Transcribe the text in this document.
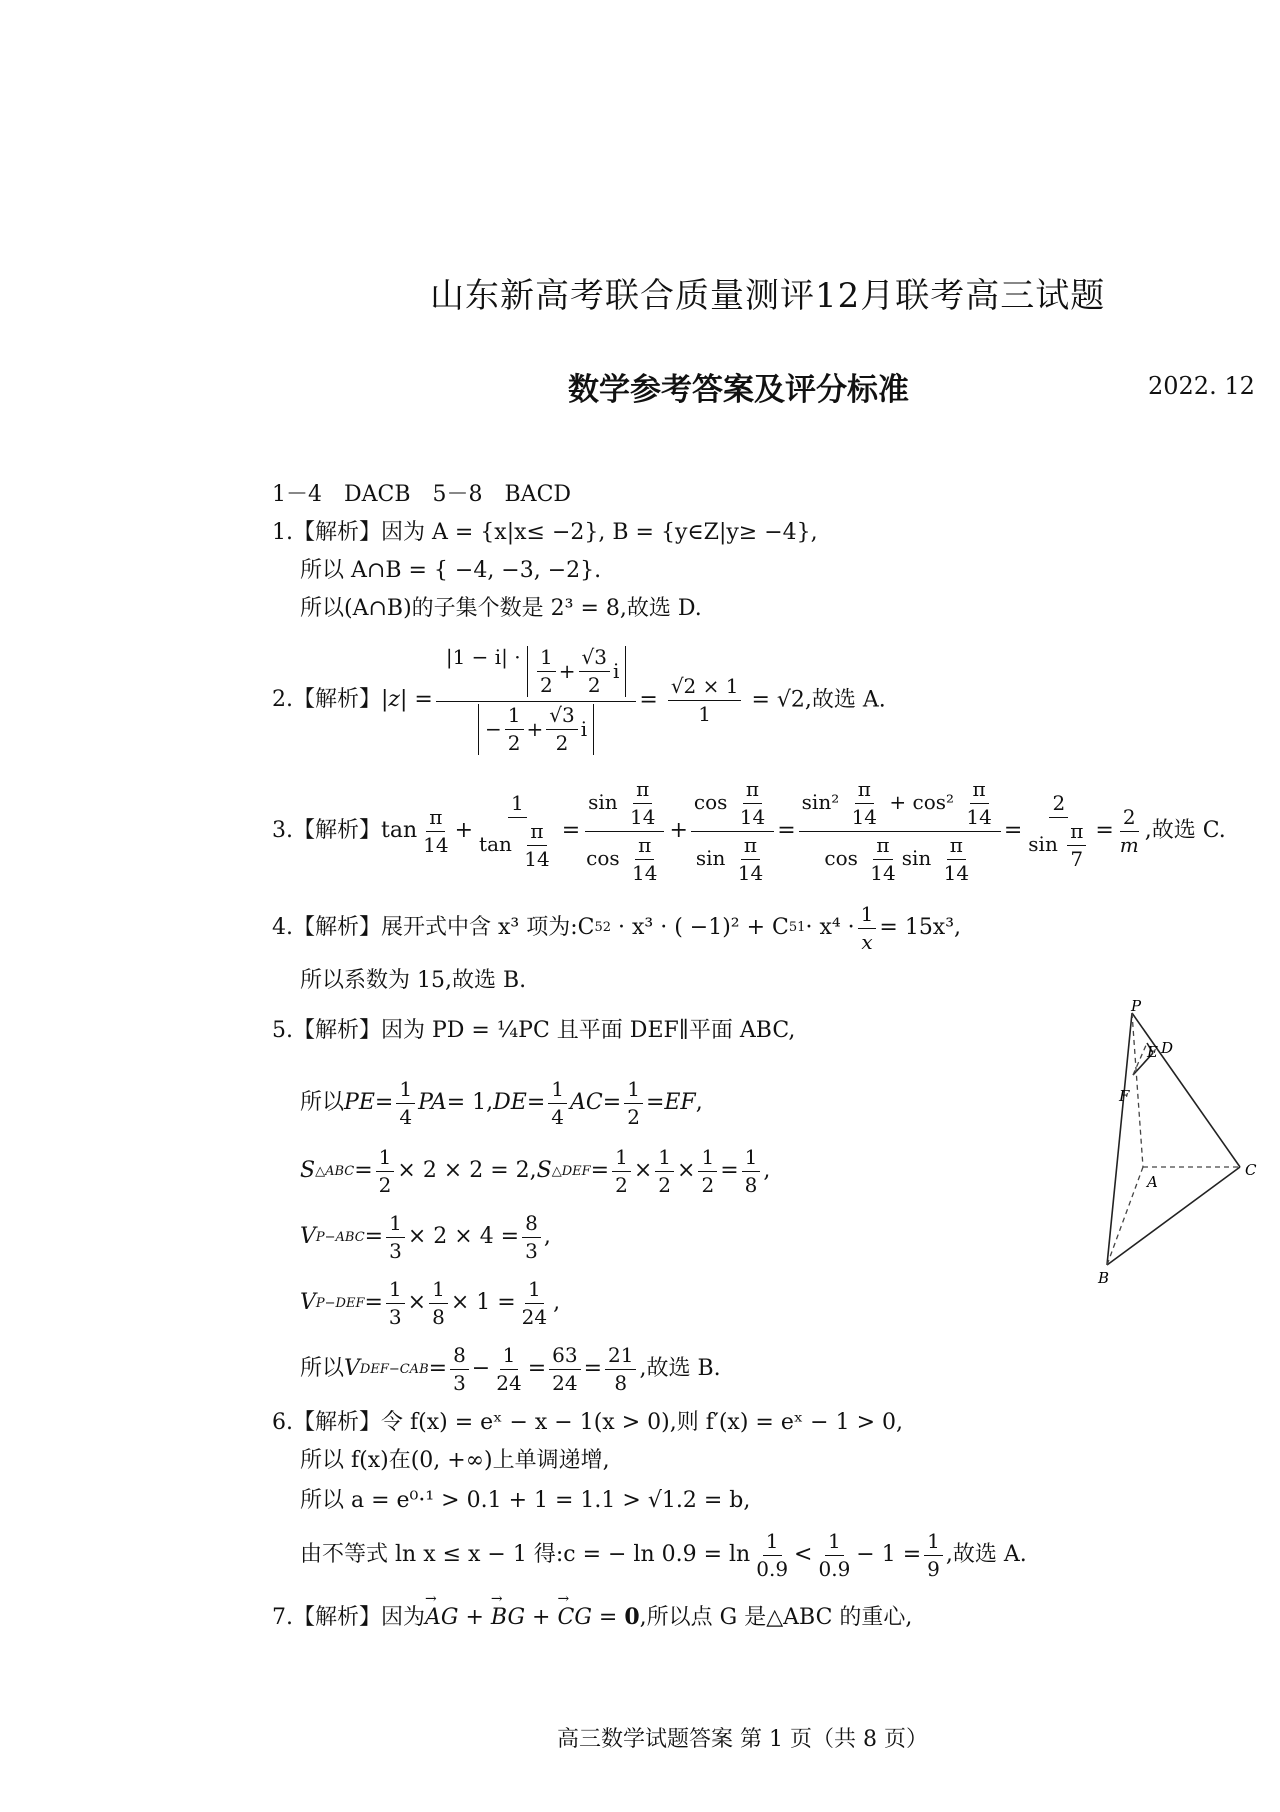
山东新高考联合质量测评12月联考高三试题
数学参考答案及评分标准	2022. 12
1－4　DACB　5－8　BACD
1.【解析】因为 A = {x|x≤ −2}, B = {y∈Z|y≥ −4},
所以 A∩B = { −4, −3, −2}.
所以(A∩B)的子集个数是 2³ = 8,故选 D.
2.【解析】 $|z| = \frac{|1 - i| \cdot \frac{1}{2} + \frac{√3}{2} i}{- \frac{1}{2} + \frac{√3}{2} i} = \frac{√2 \times 1}{1} = √2$,故选 A.
3.【解析】 $\tan \frac{\pi}{14} + \frac{1}{\tan \frac{\pi}{14}} = \frac{\sin \frac{\pi}{14}}{\cos \frac{\pi}{14}} + \frac{\cos \frac{\pi}{14}}{\sin \frac{\pi}{14}} = \frac{\sin^2 \frac{\pi}{14} + \cos^2 \frac{\pi}{14}}{\cos \frac{\pi}{14} \sin \frac{\pi}{14}} = \frac{2}{\sin \frac{\pi}{7}} = \frac{2}{m}$ ,故选 C.
4.【解析】 展开式中含 x³ 项为:C 5 2 · x³ · ( −1)² + C 5 $1 \cdot x^4 \cdot \frac{1}{x} = 15x^3$,
所以系数为 15,故选 B.
5.【解析】因为 PD = ¼PC 且平面 DEF∥平面 ABC,
所以 PE = $\frac{1}{4}$ PA = 1, DE = $\frac{1}{4}$ AC = $\frac{1}{2}$ = EF ,
S △ABC = $\frac{1}{2} \times 2 \times 2 = 2$, S △DEF = $\frac{1}{2} \times \frac{1}{2} \times \frac{1}{2} = \frac{1}{8}$ ,
V $P-ABC = \frac{1}{3} \times 2 \times 4 = \frac{8}{3}$ ,
V $P-DEF = \frac{1}{3} \times \frac{1}{8} \times 1 = \frac{1}{24}$ ,
所以 V $DEF-CAB = \frac{8}{3} - \frac{1}{24} = \frac{63}{24} = \frac{21}{8}$ ,故选 B.
6.【解析】令 f(x) = eˣ − x − 1(x > 0),则 f′(x) = eˣ − 1 > 0,
所以 f(x)在(0, +∞)上单调递增,
所以 a = e⁰·¹ > 0.1 + 1 = 1.1 > √1.2 = b,
由不等式 ln x ≤ x − 1 得:c = − $\ln 0.9 = \ln \frac{1}{0.9} < \frac{1}{0.9} - 1 = \frac{1}{9}$ ,故选 A.
7.【解析】因为→ AG + → BG + → CG = 0,所以点 G 是△ABC 的重心,
P
E D
F
A
C
B
高三数学试题答案 第 1 页（共 8 页）
